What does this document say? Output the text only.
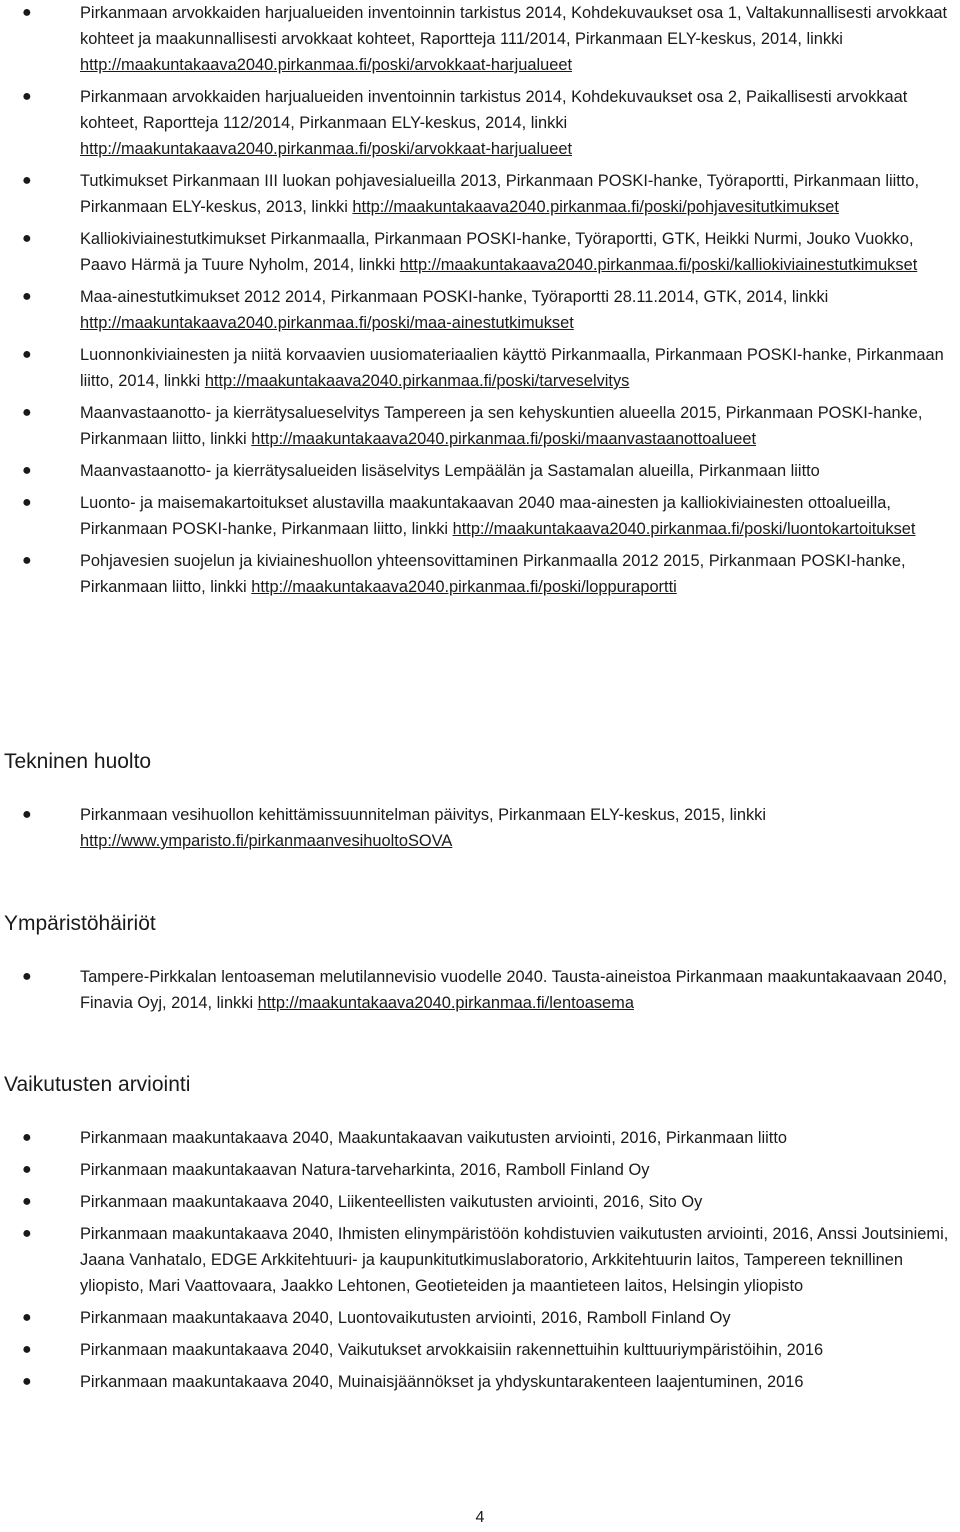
●	Pirkanmaan arvokkaiden harjualueiden inventoinnin tarkistus 2014, Kohdekuvaukset osa 1, Valtakunnallisesti arvokkaat kohteet ja maakunnallisesti arvokkaat kohteet, Raportteja 111/2014, Pirkanmaan ELY-keskus, 2014, linkki http://maakuntakaava2040.pirkanmaa.fi/poski/arvokkaat-harjualueet
●	Pirkanmaan arvokkaiden harjualueiden inventoinnin tarkistus 2014, Kohdekuvaukset osa 2, Paikallisesti arvokkaat kohteet, Raportteja 112/2014, Pirkanmaan ELY-keskus, 2014, linkki http://maakuntakaava2040.pirkanmaa.fi/poski/arvokkaat-harjualueet
●	Tutkimukset Pirkanmaan III luokan pohjavesialueilla 2013, Pirkanmaan POSKI-hanke, Työraportti, Pirkanmaan liitto, Pirkanmaan ELY-keskus, 2013, linkki http://maakuntakaava2040.pirkanmaa.fi/poski/pohjavesitutkimukset
●	Kalliokiviainestutkimukset Pirkanmaalla, Pirkanmaan POSKI-hanke, Työraportti, GTK, Heikki Nurmi, Jouko Vuokko, Paavo Härmä ja Tuure Nyholm, 2014, linkki http://maakuntakaava2040.pirkanmaa.fi/poski/kalliokiviainestutkimukset
●	Maa-ainestutkimukset 2012 2014, Pirkanmaan POSKI-hanke, Työraportti 28.11.2014, GTK, 2014, linkki http://maakuntakaava2040.pirkanmaa.fi/poski/maa-ainestutkimukset
●	Luonnonkiviainesten ja niitä korvaavien uusiomateriaalien käyttö Pirkanmaalla, Pirkanmaan POSKI-hanke, Pirkanmaan liitto, 2014, linkki http://maakuntakaava2040.pirkanmaa.fi/poski/tarveselvitys
●	Maanvastaanotto- ja kierrätysalueselvitys Tampereen ja sen kehyskuntien alueella 2015, Pirkanmaan POSKI-hanke, Pirkanmaan liitto, linkki http://maakuntakaava2040.pirkanmaa.fi/poski/maanvastaanottoalueet
●	Maanvastaanotto- ja kierrätysalueiden lisäselvitys Lempäälän ja Sastamalan alueilla, Pirkanmaan liitto
●	Luonto- ja maisemakartoitukset alustavilla maakuntakaavan 2040 maa-ainesten ja kalliokiviainesten ottoalueilla, Pirkanmaan POSKI-hanke, Pirkanmaan liitto, linkki http://maakuntakaava2040.pirkanmaa.fi/poski/luontokartoitukset
●	Pohjavesien suojelun ja kiviaineshuollon yhteensovittaminen Pirkanmaalla 2012 2015, Pirkanmaan POSKI-hanke, Pirkanmaan liitto, linkki http://maakuntakaava2040.pirkanmaa.fi/poski/loppuraportti
Tekninen huolto
●	Pirkanmaan vesihuollon kehittämissuunnitelman päivitys, Pirkanmaan ELY-keskus, 2015, linkki http://www.ymparisto.fi/pirkanmaanvesihuoltoSOVA
Ympäristöhäiriöt
●	Tampere-Pirkkalan lentoaseman melutilannevisio vuodelle 2040. Tausta-aineistoa Pirkanmaan maakuntakaavaan 2040, Finavia Oyj, 2014, linkki http://maakuntakaava2040.pirkanmaa.fi/lentoasema
Vaikutusten arviointi
●	Pirkanmaan maakuntakaava 2040, Maakuntakaavan vaikutusten arviointi, 2016, Pirkanmaan liitto
●	Pirkanmaan maakuntakaavan Natura-tarveharkinta, 2016, Ramboll Finland Oy
●	Pirkanmaan maakuntakaava 2040, Liikenteellisten vaikutusten arviointi, 2016, Sito Oy
●	Pirkanmaan maakuntakaava 2040, Ihmisten elinympäristöön kohdistuvien vaikutusten arviointi, 2016, Anssi Joutsiniemi, Jaana Vanhatalo, EDGE Arkkitehtuuri- ja kaupunkitutkimuslaboratorio, Arkkitehtuurin laitos, Tampereen teknillinen yliopisto, Mari Vaattovaara, Jaakko Lehtonen, Geotieteiden ja maantieteen laitos, Helsingin yliopisto
●	Pirkanmaan maakuntakaava 2040, Luontovaikutusten arviointi, 2016, Ramboll Finland Oy
●	Pirkanmaan maakuntakaava 2040, Vaikutukset arvokkaisiin rakennettuihin kulttuuriympäristöihin, 2016
●	Pirkanmaan maakuntakaava 2040, Muinaisjäännökset ja yhdyskuntarakenteen laajentuminen, 2016
4
